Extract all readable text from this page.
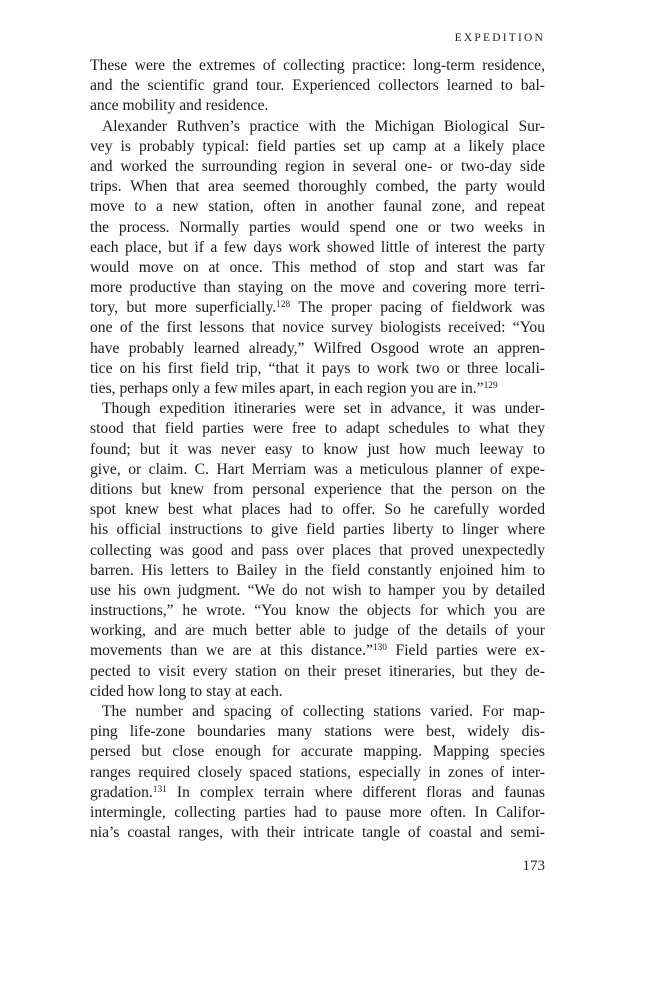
EXPEDITION
These were the extremes of collecting practice: long-term residence,
and the scientific grand tour. Experienced collectors learned to bal-
ance mobility and residence.
Alexander Ruthven’s practice with the Michigan Biological Sur-
vey is probably typical: field parties set up camp at a likely place
and worked the surrounding region in several one- or two-day side
trips. When that area seemed thoroughly combed, the party would
move to a new station, often in another faunal zone, and repeat
the process. Normally parties would spend one or two weeks in
each place, but if a few days work showed little of interest the party
would move on at once. This method of stop and start was far
more productive than staying on the move and covering more terri-
tory, but more superficially.$^{128}$ The proper pacing of fieldwork was
one of the first lessons that novice survey biologists received: “You
have probably learned already,” Wilfred Osgood wrote an appren-
tice on his first field trip, “that it pays to work two or three locali-
ties, perhaps only a few miles apart, in each region you are in.”$^{129}$
Though expedition itineraries were set in advance, it was under-
stood that field parties were free to adapt schedules to what they
found; but it was never easy to know just how much leeway to
give, or claim. C. Hart Merriam was a meticulous planner of expe-
ditions but knew from personal experience that the person on the
spot knew best what places had to offer. So he carefully worded
his official instructions to give field parties liberty to linger where
collecting was good and pass over places that proved unexpectedly
barren. His letters to Bailey in the field constantly enjoined him to
use his own judgment. “We do not wish to hamper you by detailed
instructions,” he wrote. “You know the objects for which you are
working, and are much better able to judge of the details of your
movements than we are at this distance.”$^{130}$ Field parties were ex-
pected to visit every station on their preset itineraries, but they de-
cided how long to stay at each.
The number and spacing of collecting stations varied. For map-
ping life-zone boundaries many stations were best, widely dis-
persed but close enough for accurate mapping. Mapping species
ranges required closely spaced stations, especially in zones of inter-
gradation.$^{131}$ In complex terrain where different floras and faunas
intermingle, collecting parties had to pause more often. In Califor-
nia’s coastal ranges, with their intricate tangle of coastal and semi-
173
